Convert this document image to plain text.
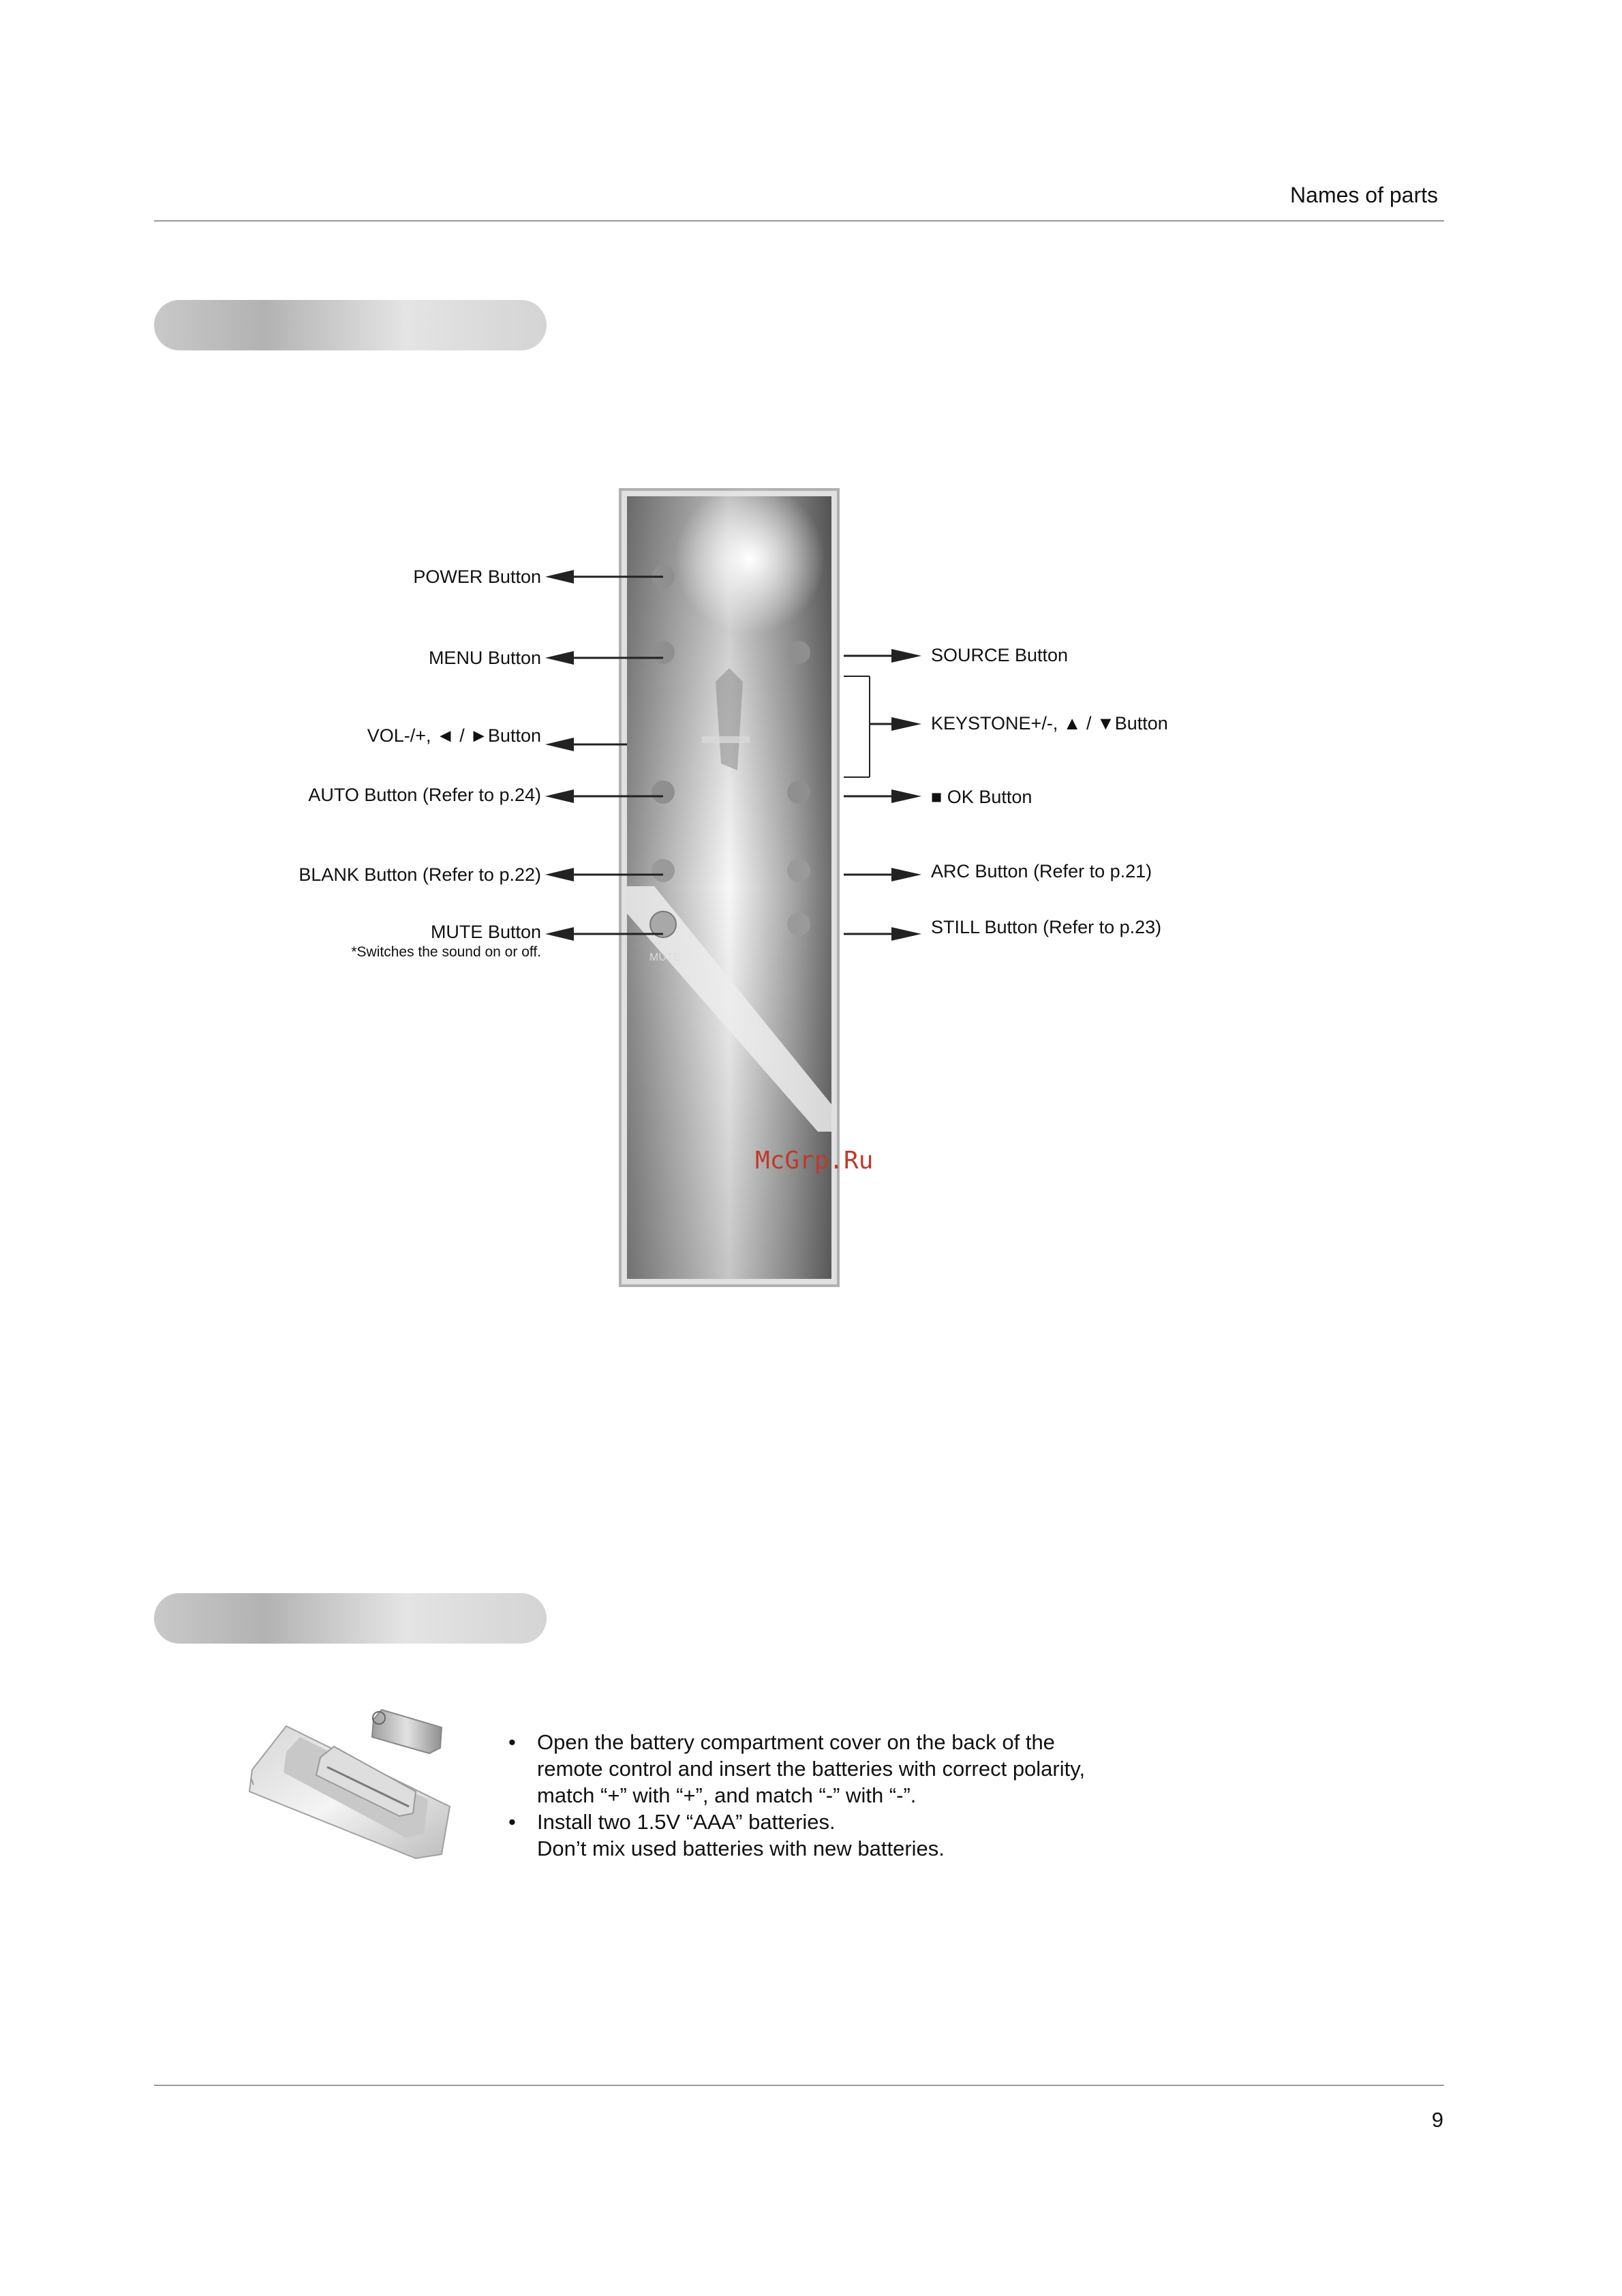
Names of parts
MUTE
POWER Button
MENU Button
VOL-/+, ◄ / ►Button
AUTO Button (Refer to p.24)
BLANK Button (Refer to p.22)
MUTE Button
*Switches the sound on or off.
SOURCE Button
KEYSTONE+/-, ▲ / ▼Button
■ OK Button
ARC Button (Refer to p.21)
STILL Button (Refer to p.23)
McGrp.Ru
• Open the battery compartment cover on the back of the
remote control and insert the batteries with correct polarity,
match “+” with “+”, and match “-” with “-”.
• Install two 1.5V “AAA” batteries.
Don’t mix used batteries with new batteries.
9
